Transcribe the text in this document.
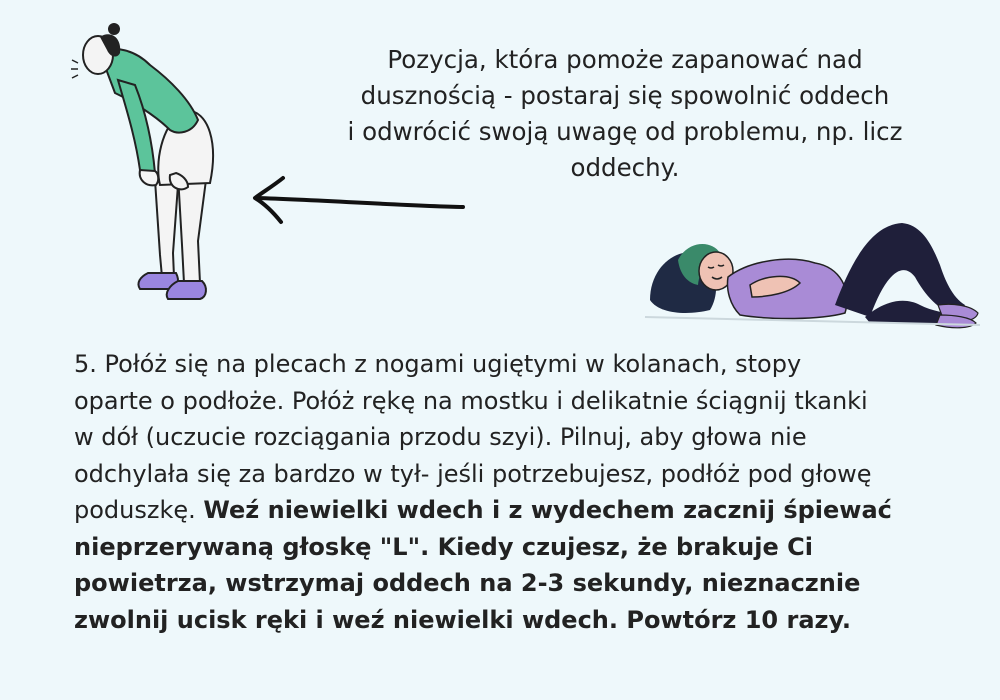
Pozycja, która pomoże zapanować nad
dusznością - postaraj się spowolnić oddech
i odwrócić swoją uwagę od problemu, np. licz
oddechy.

5. Połóż się na plecach z nogami ugiętymi w kolanach, stopy
oparte o podłoże. Połóż rękę na mostku i delikatnie ściągnij tkanki
w dół (uczucie rozciągania przodu szyi). Pilnuj, aby głowa nie
odchylała się za bardzo w tył- jeśli potrzebujesz, podłóż pod głowę
poduszkę. Weź niewielki wdech i z wydechem zacznij śpiewać
nieprzerywaną głoskę "L". Kiedy czujesz, że brakuje Ci
powietrza, wstrzymaj oddech na 2-3 sekundy, nieznacznie
zwolnij ucisk ręki i weź niewielki wdech. Powtórz 10 razy.
